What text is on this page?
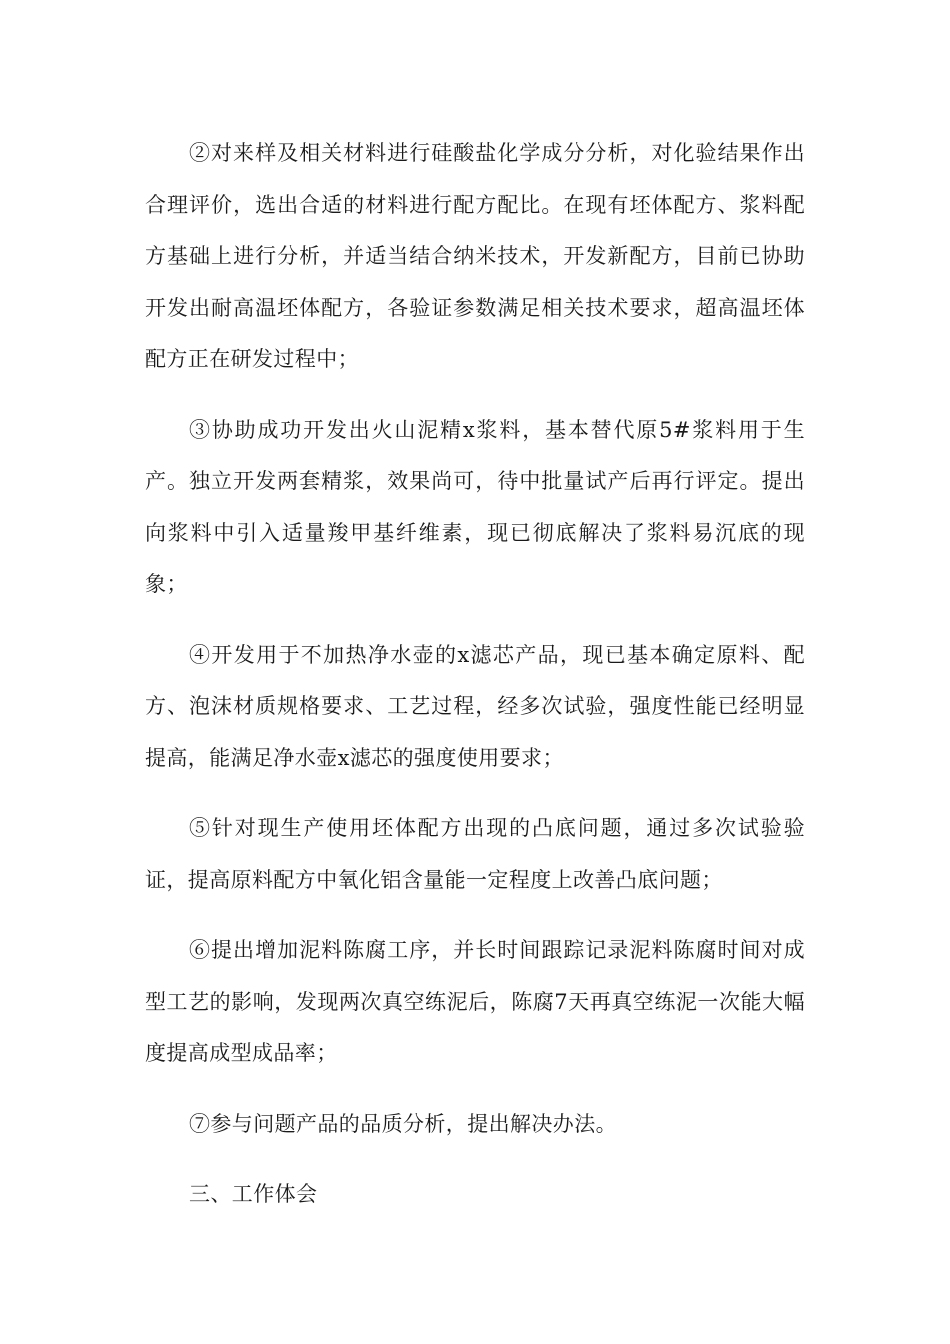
②对来样及相关材料进行硅酸盐化学成分分析，对化验结果作出合理评价，选出合适的材料进行配方配比。在现有坯体配方、浆料配方基础上进行分析，并适当结合纳米技术，开发新配方，目前已协助开发出耐高温坯体配方，各验证参数满足相关技术要求，超高温坯体配方正在研发过程中；

③协助成功开发出火山泥精x浆料，基本替代原5#浆料用于生产。独立开发两套精浆，效果尚可，待中批量试产后再行评定。提出向浆料中引入适量羧甲基纤维素，现已彻底解决了浆料易沉底的现象；

④开发用于不加热净水壶的x滤芯产品，现已基本确定原料、配方、泡沫材质规格要求、工艺过程，经多次试验，强度性能已经明显提高，能满足净水壶x滤芯的强度使用要求；

⑤针对现生产使用坯体配方出现的凸底问题，通过多次试验验证，提高原料配方中氧化铝含量能一定程度上改善凸底问题；

⑥提出增加泥料陈腐工序，并长时间跟踪记录泥料陈腐时间对成型工艺的影响，发现两次真空练泥后，陈腐7天再真空练泥一次能大幅度提高成型成品率；

⑦参与问题产品的品质分析，提出解决办法。

三、工作体会
